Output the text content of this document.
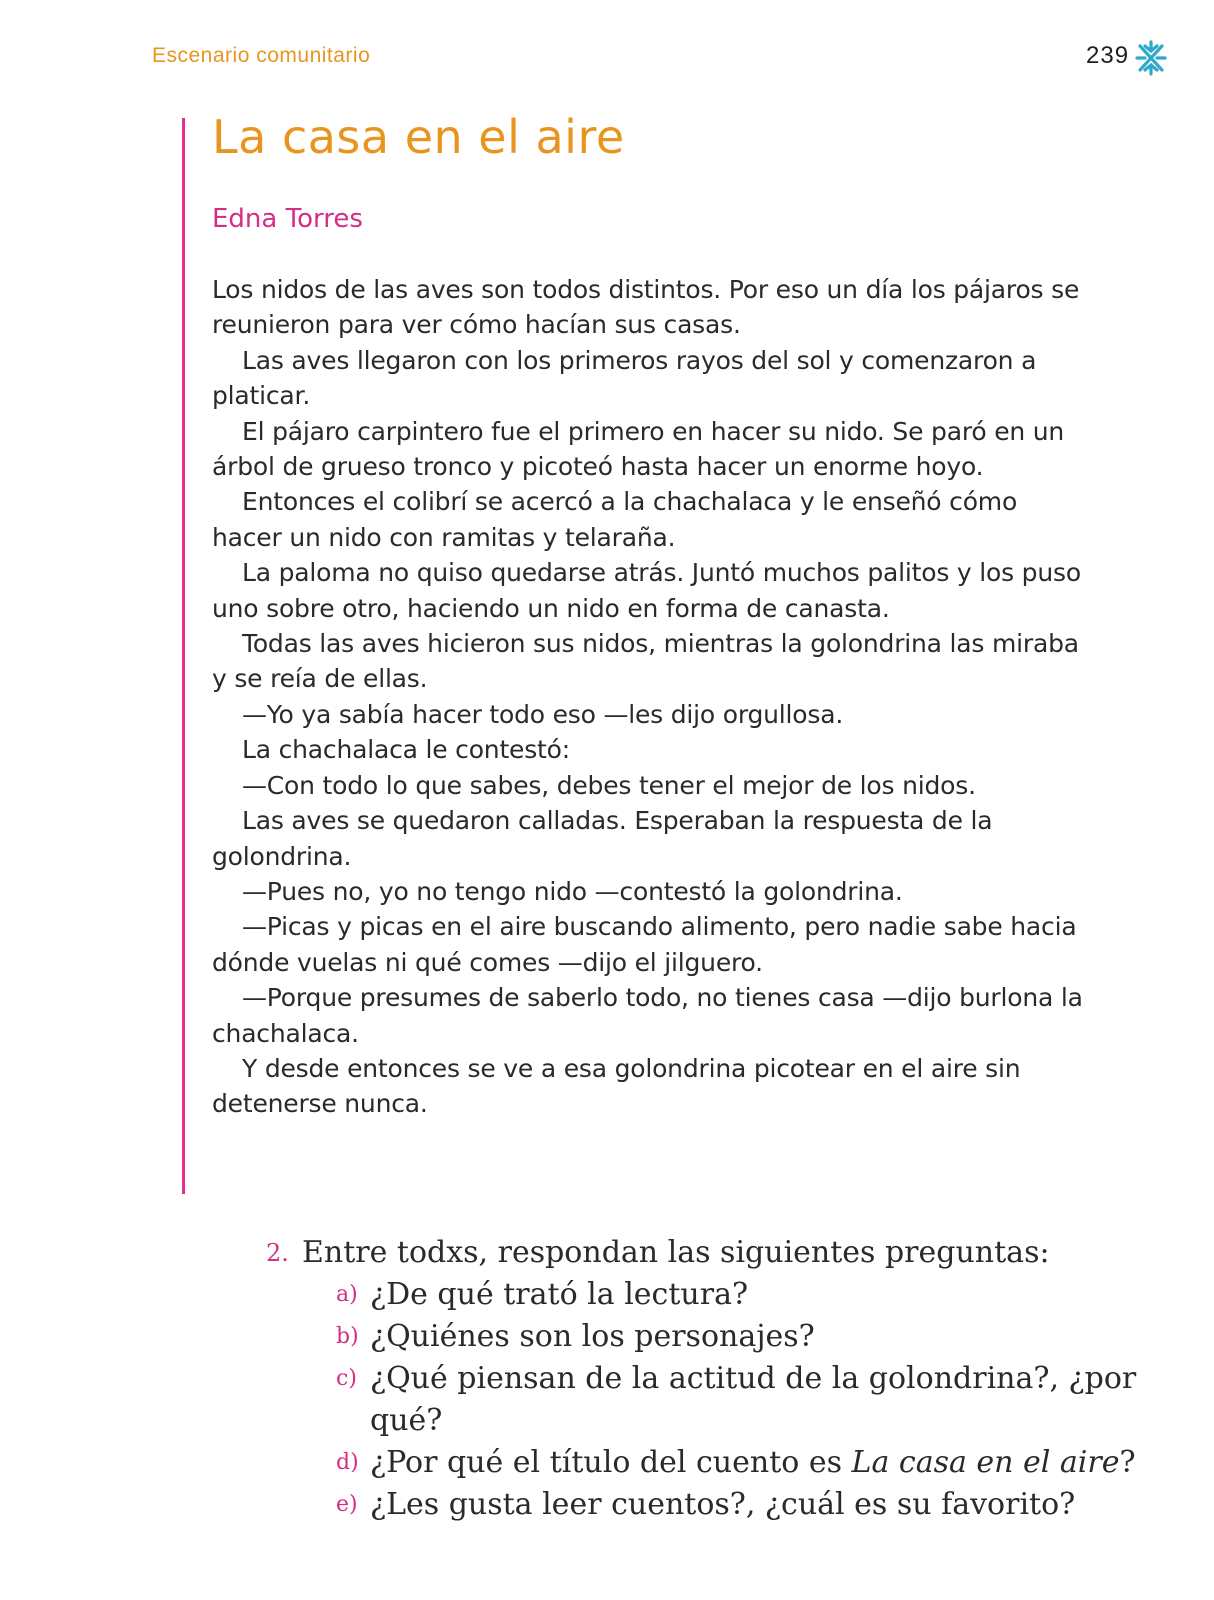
Escenario comunitario	239
La casa en el aire
Edna Torres

Los nidos de las aves son todos distintos. Por eso un día los pájaros se reunieron para ver cómo hacían sus casas.

Las aves llegaron con los primeros rayos del sol y comenzaron a platicar.

El pájaro carpintero fue el primero en hacer su nido. Se paró en un árbol de grueso tronco y picoteó hasta hacer un enorme hoyo.

Entonces el colibrí se acercó a la chachalaca y le enseñó cómo hacer un nido con ramitas y telaraña.

La paloma no quiso quedarse atrás. Juntó muchos palitos y los puso uno sobre otro, haciendo un nido en forma de canasta.

Todas las aves hicieron sus nidos, mientras la golondrina las miraba y se reía de ellas.

—Yo ya sabía hacer todo eso —les dijo orgullosa.

La chachalaca le contestó:

—Con todo lo que sabes, debes tener el mejor de los nidos.

Las aves se quedaron calladas. Esperaban la respuesta de la golondrina.

—Pues no, yo no tengo nido —contestó la golondrina.

—Picas y picas en el aire buscando alimento, pero nadie sabe hacia dónde vuelas ni qué comes —dijo el jilguero.

—Porque presumes de saberlo todo, no tienes casa —dijo burlona la chachalaca.

Y desde entonces se ve a esa golondrina picotear en el aire sin detenerse nunca.

2. Entre todxs, respondan las siguientes preguntas:
a) ¿De qué trató la lectura?
b) ¿Quiénes son los personajes?
c) ¿Qué piensan de la actitud de la golondrina?, ¿por qué?
d) ¿Por qué el título del cuento es La casa en el aire?
e) ¿Les gusta leer cuentos?, ¿cuál es su favorito?
